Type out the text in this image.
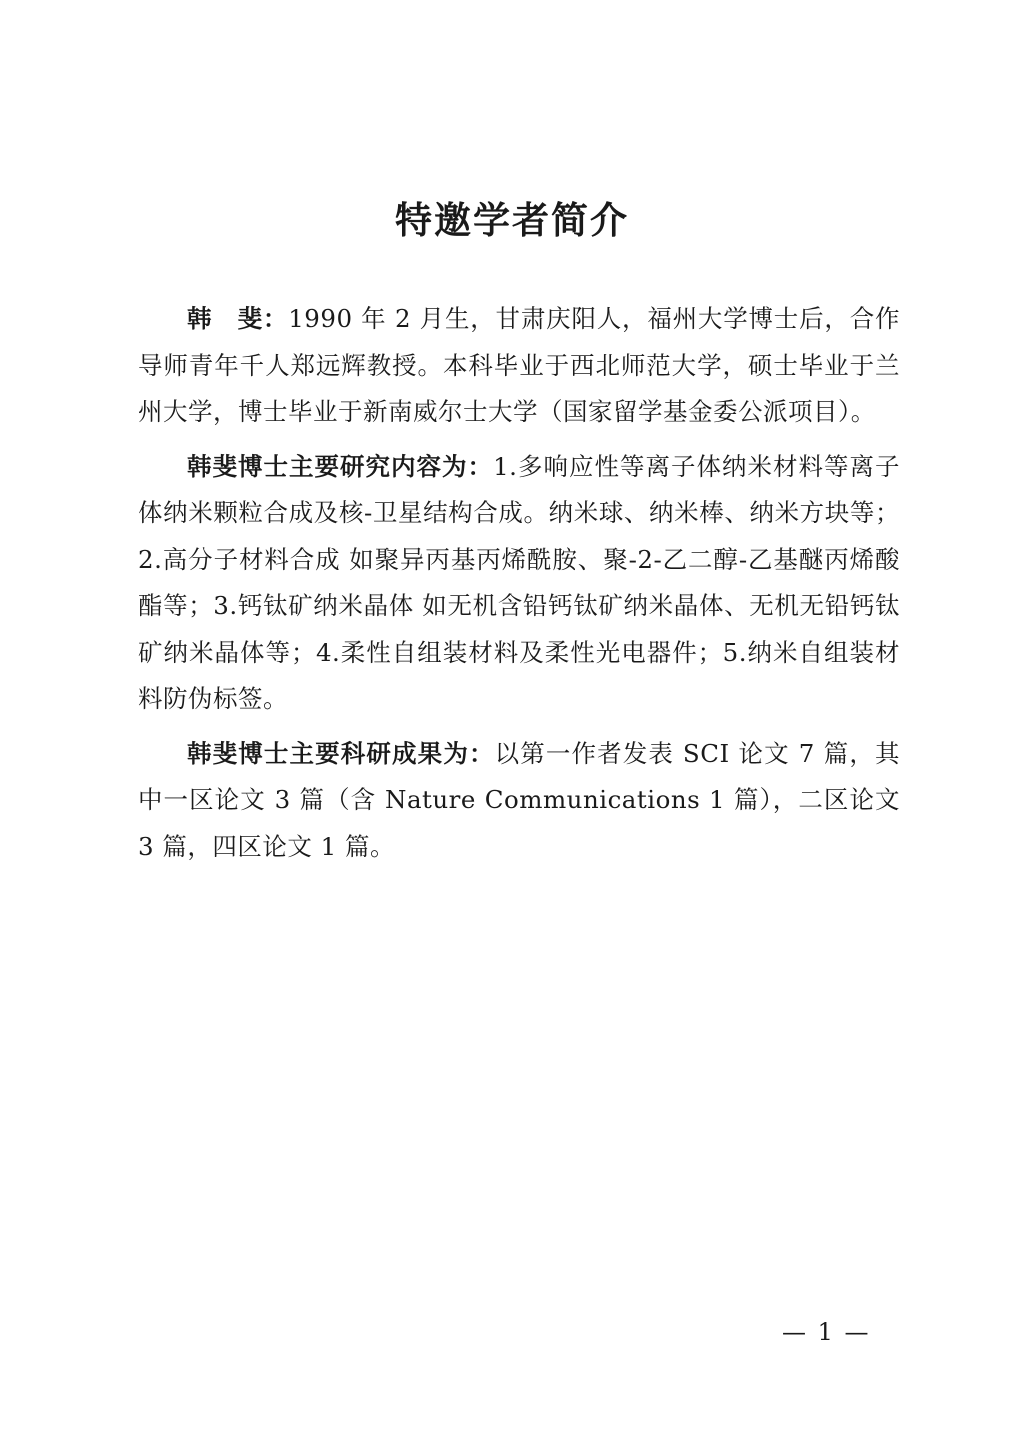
特邀学者简介

韩　斐：1990 年 2 月生，甘肃庆阳人，福州大学博士后，合作导师青年千人郑远辉教授。本科毕业于西北师范大学，硕士毕业于兰州大学，博士毕业于新南威尔士大学（国家留学基金委公派项目）。

韩斐博士主要研究内容为：1.多响应性等离子体纳米材料等离子体纳米颗粒合成及核-卫星结构合成。纳米球、纳米棒、纳米方块等；2.高分子材料合成 如聚异丙基丙烯酰胺、聚-2-乙二醇-乙基醚丙烯酸酯等；3.钙钛矿纳米晶体 如无机含铅钙钛矿纳米晶体、无机无铅钙钛矿纳米晶体等；4.柔性自组装材料及柔性光电器件；5.纳米自组装材料防伪标签。

韩斐博士主要科研成果为：以第一作者发表 SCI 论文 7 篇，其中一区论文 3 篇（含 Nature Communications 1 篇），二区论文 3 篇，四区论文 1 篇。

— 1 —
